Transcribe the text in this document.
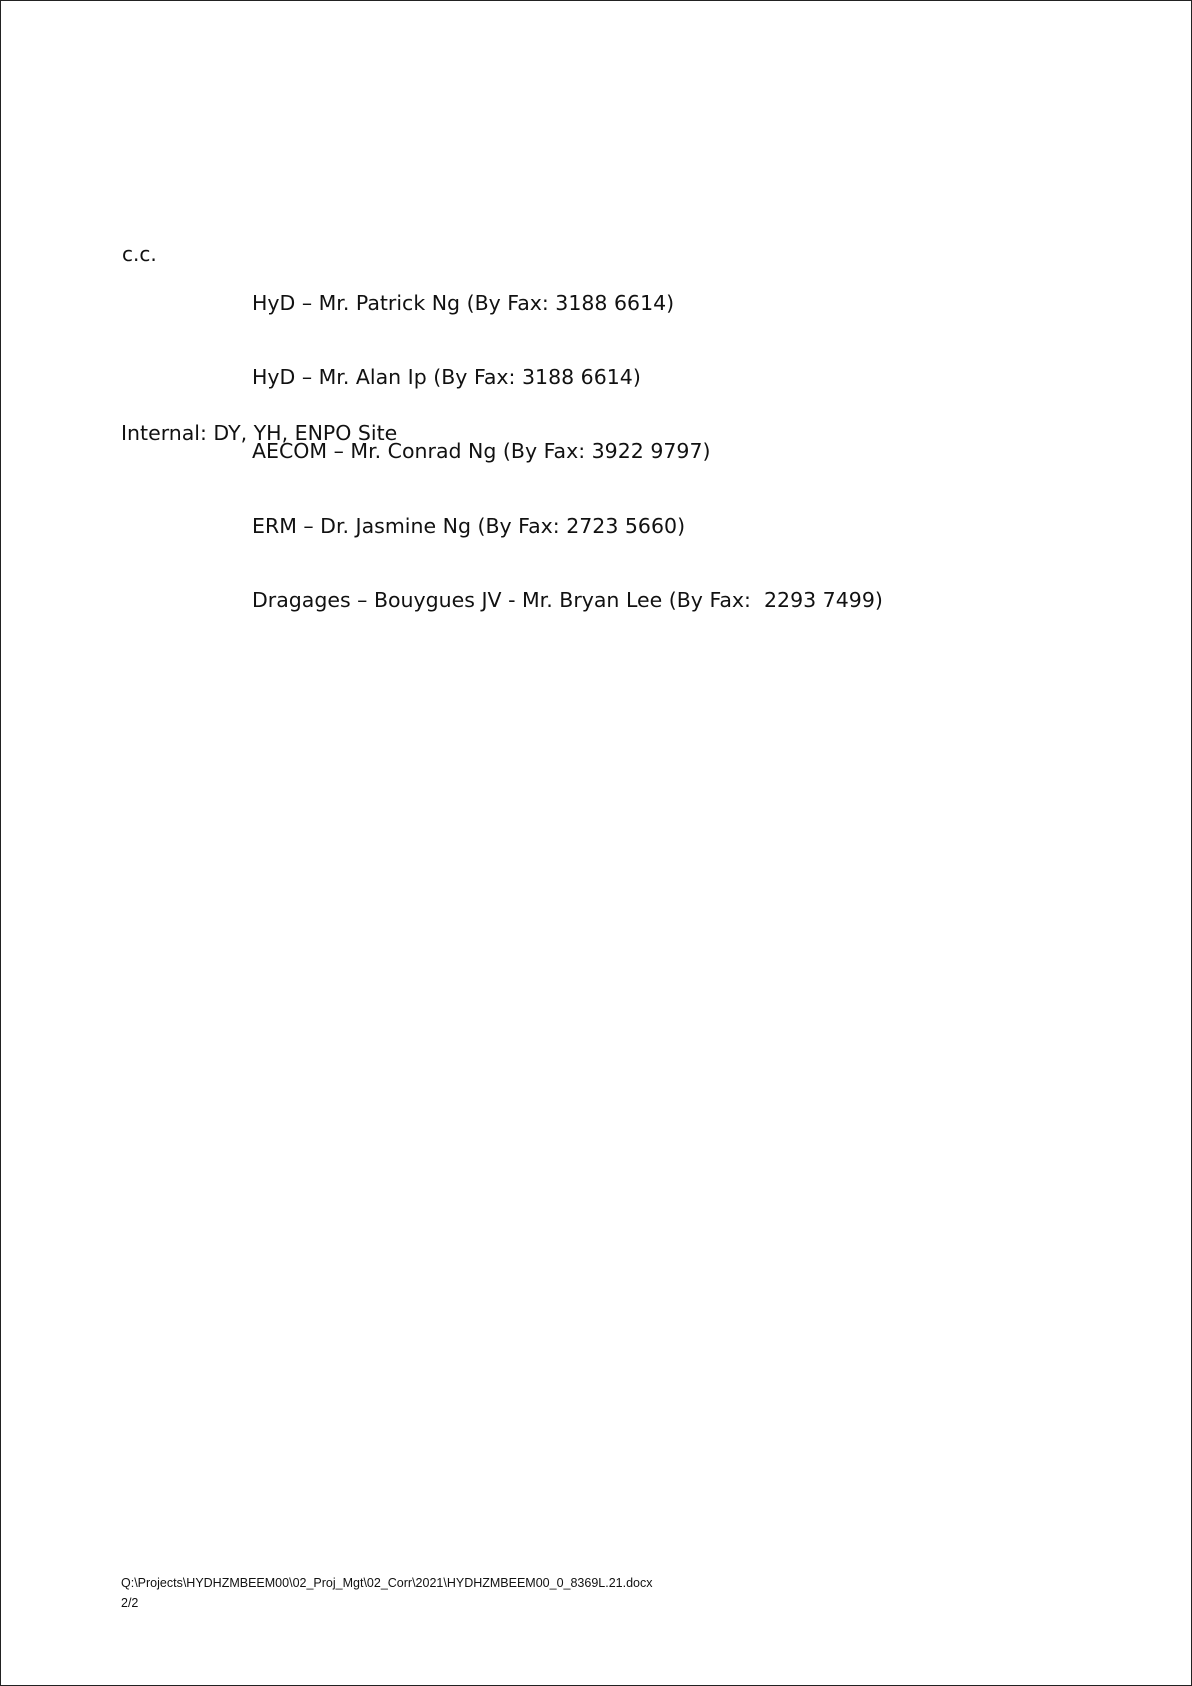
c.c.

HyD – Mr. Patrick Ng (By Fax: 3188 6614)

HyD – Mr. Alan Ip (By Fax: 3188 6614)

AECOM – Mr. Conrad Ng (By Fax: 3922 9797)

ERM – Dr. Jasmine Ng (By Fax: 2723 5660)

Dragages – Bouygues JV - Mr. Bryan Lee (By Fax:  2293 7499)

Internal: DY, YH, ENPO Site
Q:\Projects\HYDHZMBEEM00\02_Proj_Mgt\02_Corr\2021\HYDHZMBEEM00_0_8369L.21.docx
2/2
